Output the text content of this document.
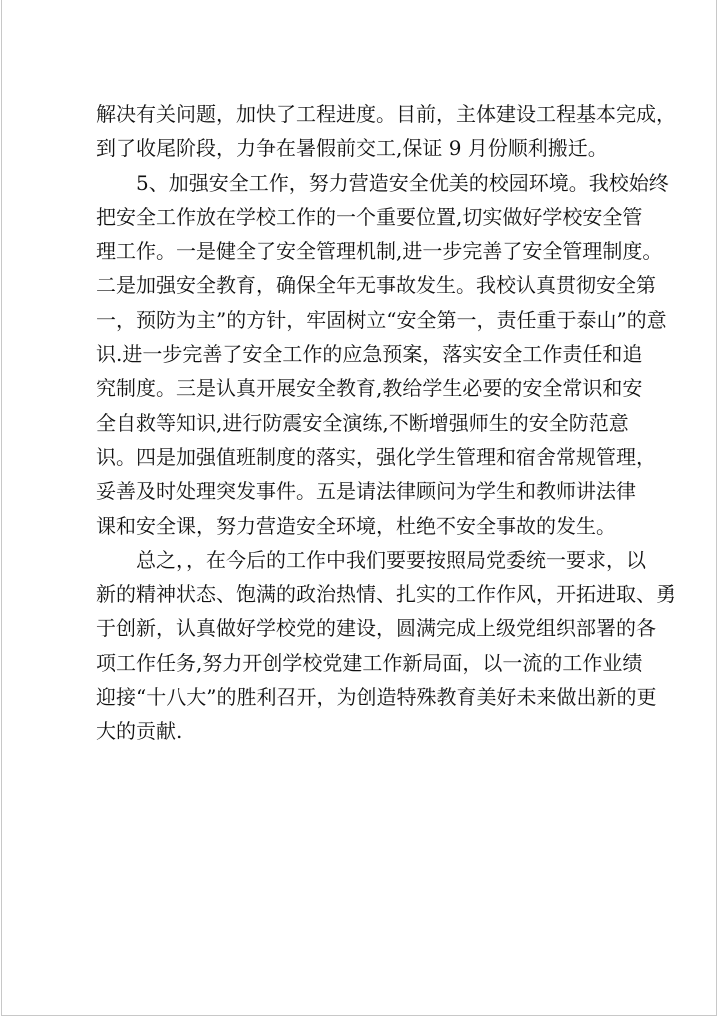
解决有关问题，加快了工程进度。目前，主体建设工程基本完成，
到了收尾阶段，力争在暑假前交工,保证 9 月份顺利搬迁。
5、加强安全工作，努力营造安全优美的校园环境。我校始终
把安全工作放在学校工作的一个重要位置,切实做好学校安全管
理工作。一是健全了安全管理机制,进一步完善了安全管理制度。
二是加强安全教育，确保全年无事故发生。我校认真贯彻安全第
一，预防为主”的方针，牢固树立“安全第一，责任重于泰山”的意
识.进一步完善了安全工作的应急预案，落实安全工作责任和追
究制度。三是认真开展安全教育,教给学生必要的安全常识和安
全自救等知识,进行防震安全演练,不断增强师生的安全防范意
识。四是加强值班制度的落实，强化学生管理和宿舍常规管理，
妥善及时处理突发事件。五是请法律顾问为学生和教师讲法律
课和安全课，努力营造安全环境，杜绝不安全事故的发生。
总之，，在今后的工作中我们要要按照局党委统一要求，以
新的精神状态、饱满的政治热情、扎实的工作作风，开拓进取、勇
于创新，认真做好学校党的建设，圆满完成上级党组织部署的各
项工作任务,努力开创学校党建工作新局面，以一流的工作业绩
迎接“十八大”的胜利召开，为创造特殊教育美好未来做出新的更
大的贡献.
